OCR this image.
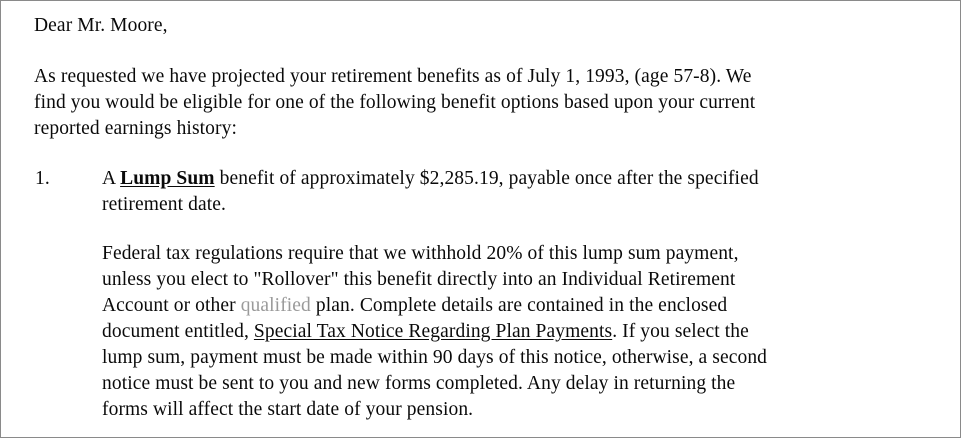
Dear Mr. Moore,
As requested we have projected your retirement benefits as of July 1, 1993, (age 57-8). We
find you would be eligible for one of the following benefit options based upon your current
reported earnings history:
1.	A Lump Sum benefit of approximately $2,285.19, payable once after the specified
retirement date.
Federal tax regulations require that we withhold 20% of this lump sum payment,
unless you elect to "Rollover" this benefit directly into an Individual Retirement
Account or other qualified plan. Complete details are contained in the enclosed
document entitled, Special Tax Notice Regarding Plan Payments. If you select the
lump sum, payment must be made within 90 days of this notice, otherwise, a second
notice must be sent to you and new forms completed. Any delay in returning the
forms will affect the start date of your pension.
